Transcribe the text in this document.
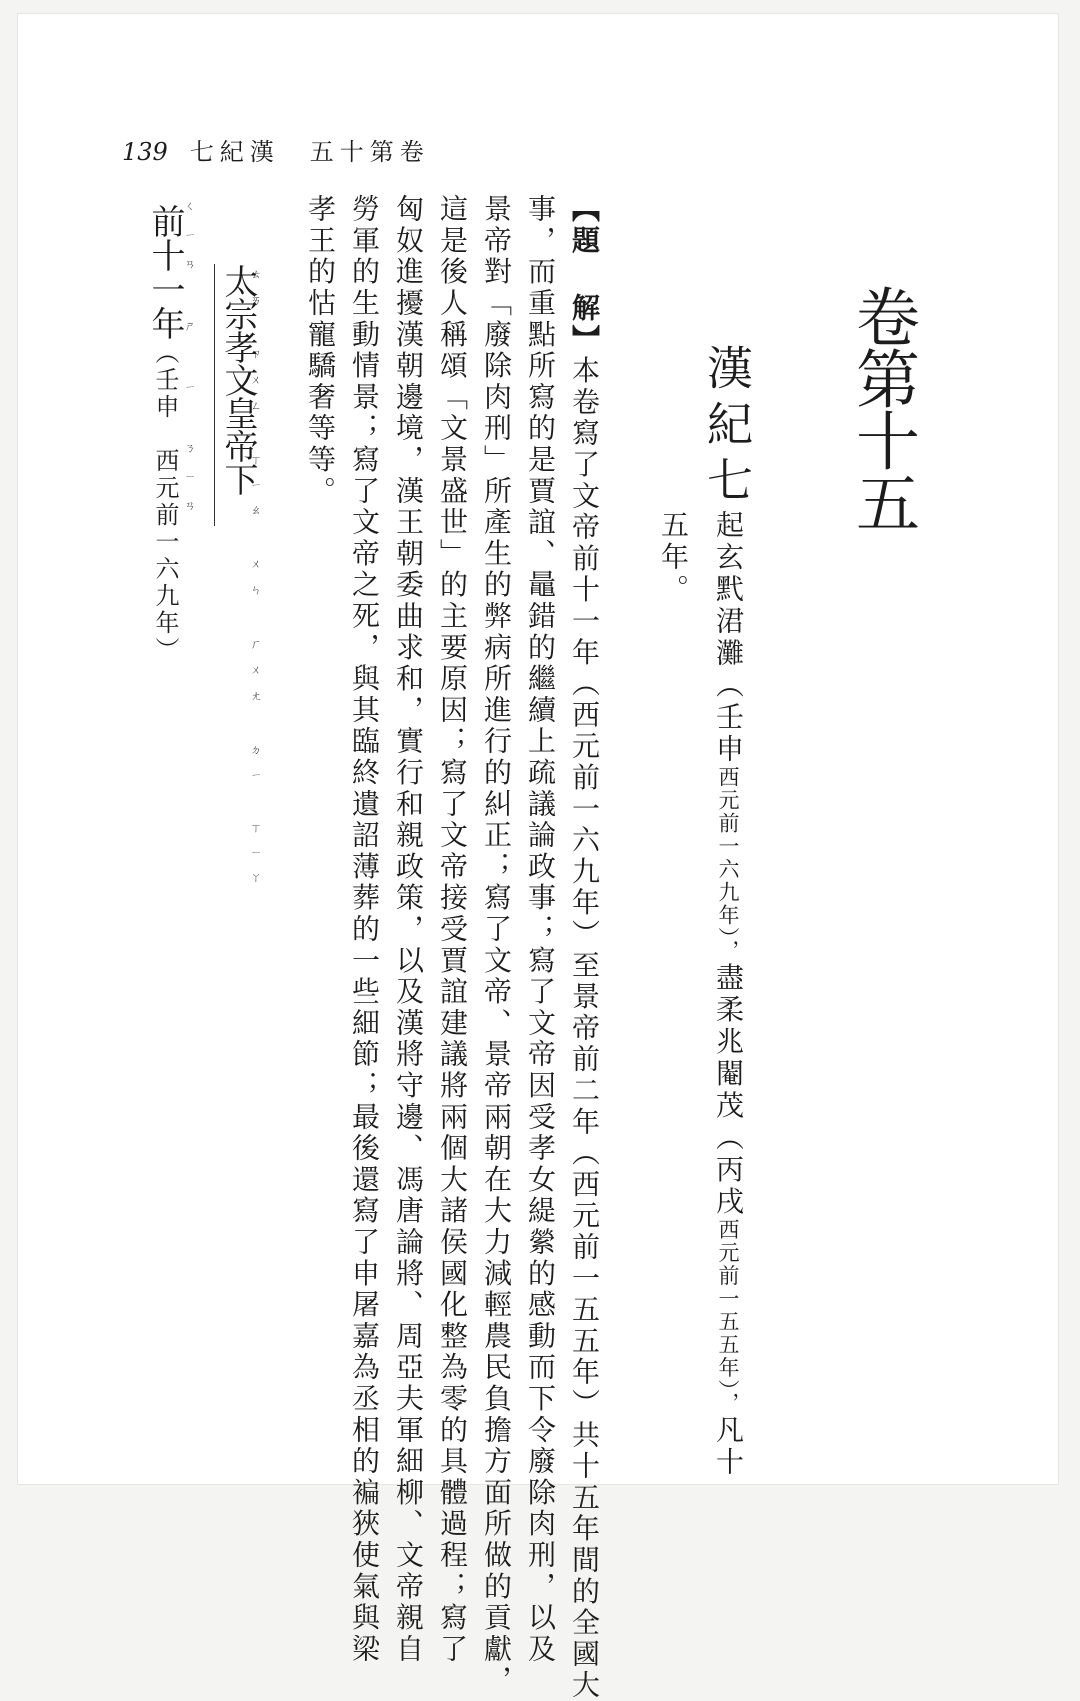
139 七紀漢　五十第卷
卷第十五
漢紀七
起玄黓涒灘（壬申西元前一六九年），盡柔兆閹茂（丙戌西元前一五五年），凡十
五年。
【題 解】本卷寫了文帝前十一年（西元前一六九年）至景帝前二年（西元前一五五年）共十五年間的全國大
事，而重點所寫的是賈誼、鼂錯的繼續上疏議論政事；寫了文帝因受孝女緹縈的感動而下令廢除肉刑，以及
景帝對「廢除肉刑」所產生的弊病所進行的糾正；寫了文帝、景帝兩朝在大力減輕農民負擔方面所做的貢獻，
這是後人稱頌「文景盛世」的主要原因；寫了文帝接受賈誼建議將兩個大諸侯國化整為零的具體過程；寫了
匈奴進擾漢朝邊境，漢王朝委曲求和，實行和親政策，以及漢將守邊、馮唐論將、周亞夫軍細柳、文帝親自
勞軍的生動情景；寫了文帝之死，與其臨終遺詔薄葬的一些細節；最後還寫了申屠嘉為丞相的褊狹使氣與梁
孝王的怙寵驕奢等等。
ㄊㄞ ㄗㄨㄥ ㄒㄧㄠ ㄨㄣ ㄏㄨㄤ ㄉㄧ ㄒㄧㄚ
太宗孝文皇帝下
ㄑㄧㄢ ㄕ ㄧ ㄋㄧㄢ
前十一年（壬申　西元前一六九年）
